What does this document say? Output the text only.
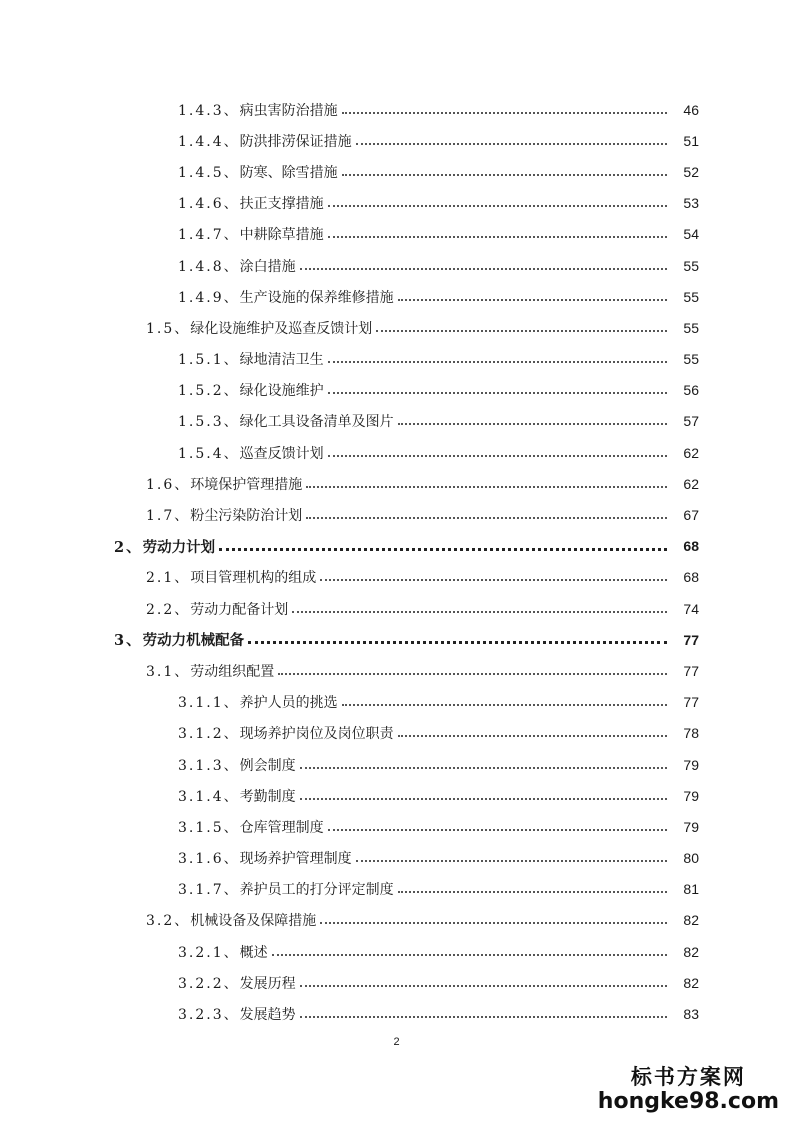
1.4.3、病虫害防治措施	46
1.4.4、防洪排涝保证措施	51
1.4.5、防寒、除雪措施	52
1.4.6、扶正支撑措施	53
1.4.7、中耕除草措施	54
1.4.8、涂白措施	55
1.4.9、生产设施的保养维修措施	55
1.5、绿化设施维护及巡查反馈计划	55
1.5.1、绿地清洁卫生	55
1.5.2、绿化设施维护	56
1.5.3、绿化工具设备清单及图片	57
1.5.4、巡查反馈计划	62
1.6、环境保护管理措施	62
1.7、粉尘污染防治计划	67
2、劳动力计划	68
2.1、项目管理机构的组成	68
2.2、劳动力配备计划	74
3、劳动力机械配备	77
3.1、劳动组织配置	77
3.1.1、养护人员的挑选	77
3.1.2、现场养护岗位及岗位职责	78
3.1.3、例会制度	79
3.1.4、考勤制度	79
3.1.5、仓库管理制度	79
3.1.6、现场养护管理制度	80
3.1.7、养护员工的打分评定制度	81
3.2、机械设备及保障措施	82
3.2.1、概述	82
3.2.2、发展历程	82
3.2.3、发展趋势	83
2
标书方案网
hongke98.com
